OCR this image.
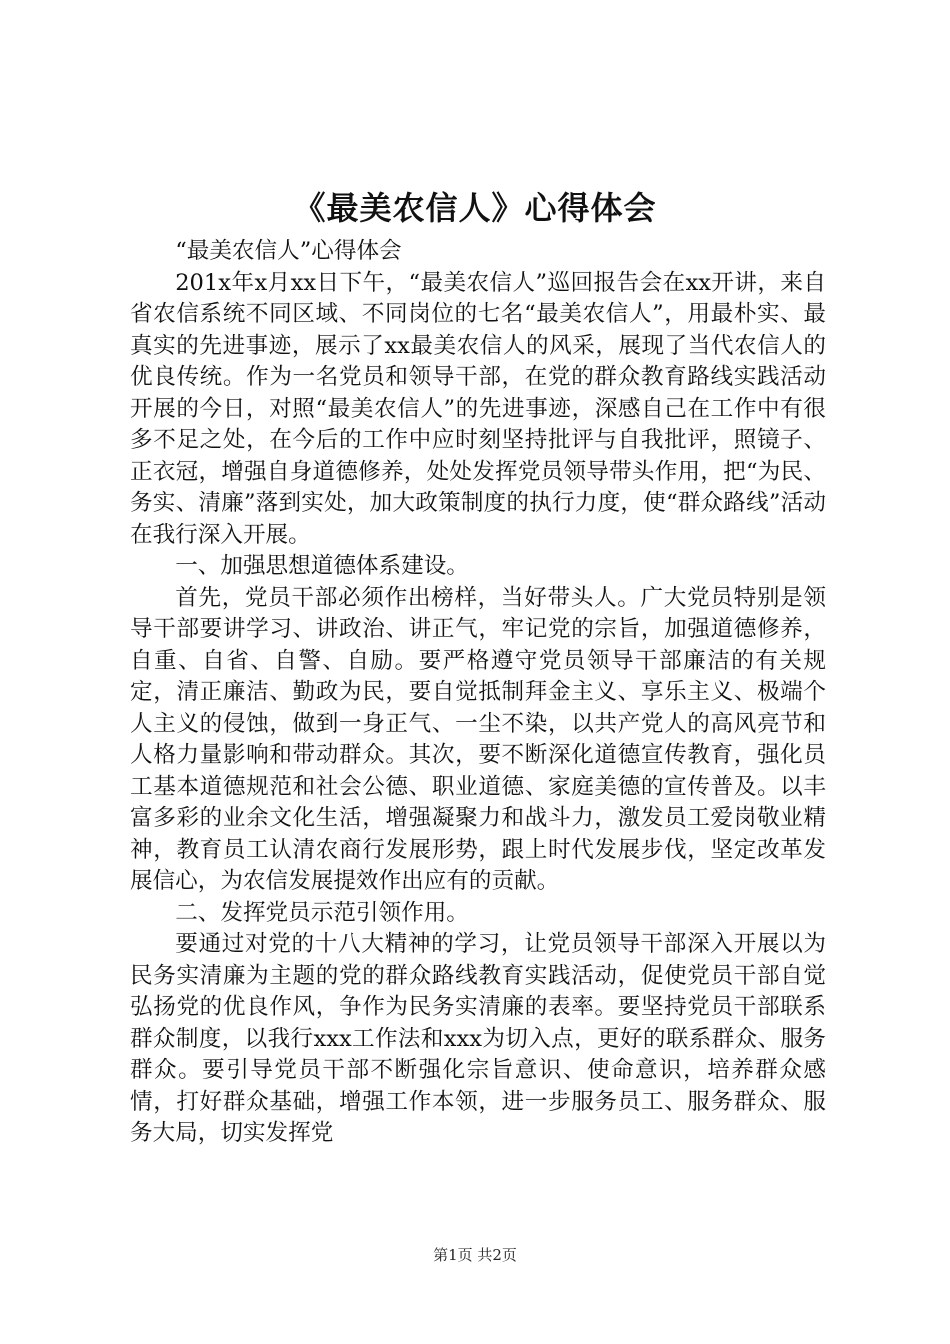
《最美农信人》心得体会

“最美农信人”心得体会

201x年x月xx日下午，“最美农信人”巡回报告会在xx开讲，来自省农信系统不同区域、不同岗位的七名“最美农信人”，用最朴实、最真实的先进事迹，展示了xx最美农信人的风采，展现了当代农信人的优良传统。作为一名党员和领导干部，在党的群众教育路线实践活动开展的今日，对照“最美农信人”的先进事迹，深感自己在工作中有很多不足之处，在今后的工作中应时刻坚持批评与自我批评，照镜子、正衣冠，增强自身道德修养，处处发挥党员领导带头作用，把“为民、务实、清廉”落到实处，加大政策制度的执行力度，使“群众路线”活动在我行深入开展。

一、加强思想道德体系建设。

首先，党员干部必须作出榜样，当好带头人。广大党员特别是领导干部要讲学习、讲政治、讲正气，牢记党的宗旨，加强道德修养，自重、自省、自警、自励。要严格遵守党员领导干部廉洁的有关规定，清正廉洁、勤政为民，要自觉抵制拜金主义、享乐主义、极端个人主义的侵蚀，做到一身正气、一尘不染，以共产党人的高风亮节和人格力量影响和带动群众。其次，要不断深化道德宣传教育，强化员工基本道德规范和社会公德、职业道德、家庭美德的宣传普及。以丰富多彩的业余文化生活，增强凝聚力和战斗力，激发员工爱岗敬业精神，教育员工认清农商行发展形势，跟上时代发展步伐，坚定改革发展信心，为农信发展提效作出应有的贡献。

二、发挥党员示范引领作用。

要通过对党的十八大精神的学习，让党员领导干部深入开展以为民务实清廉为主题的党的群众路线教育实践活动，促使党员干部自觉弘扬党的优良作风，争作为民务实清廉的表率。要坚持党员干部联系群众制度，以我行xxx工作法和xxx为切入点，更好的联系群众、服务群众。要引导党员干部不断强化宗旨意识、使命意识，培养群众感情，打好群众基础，增强工作本领，进一步服务员工、服务群众、服务大局，切实发挥党

第1页 共2页
